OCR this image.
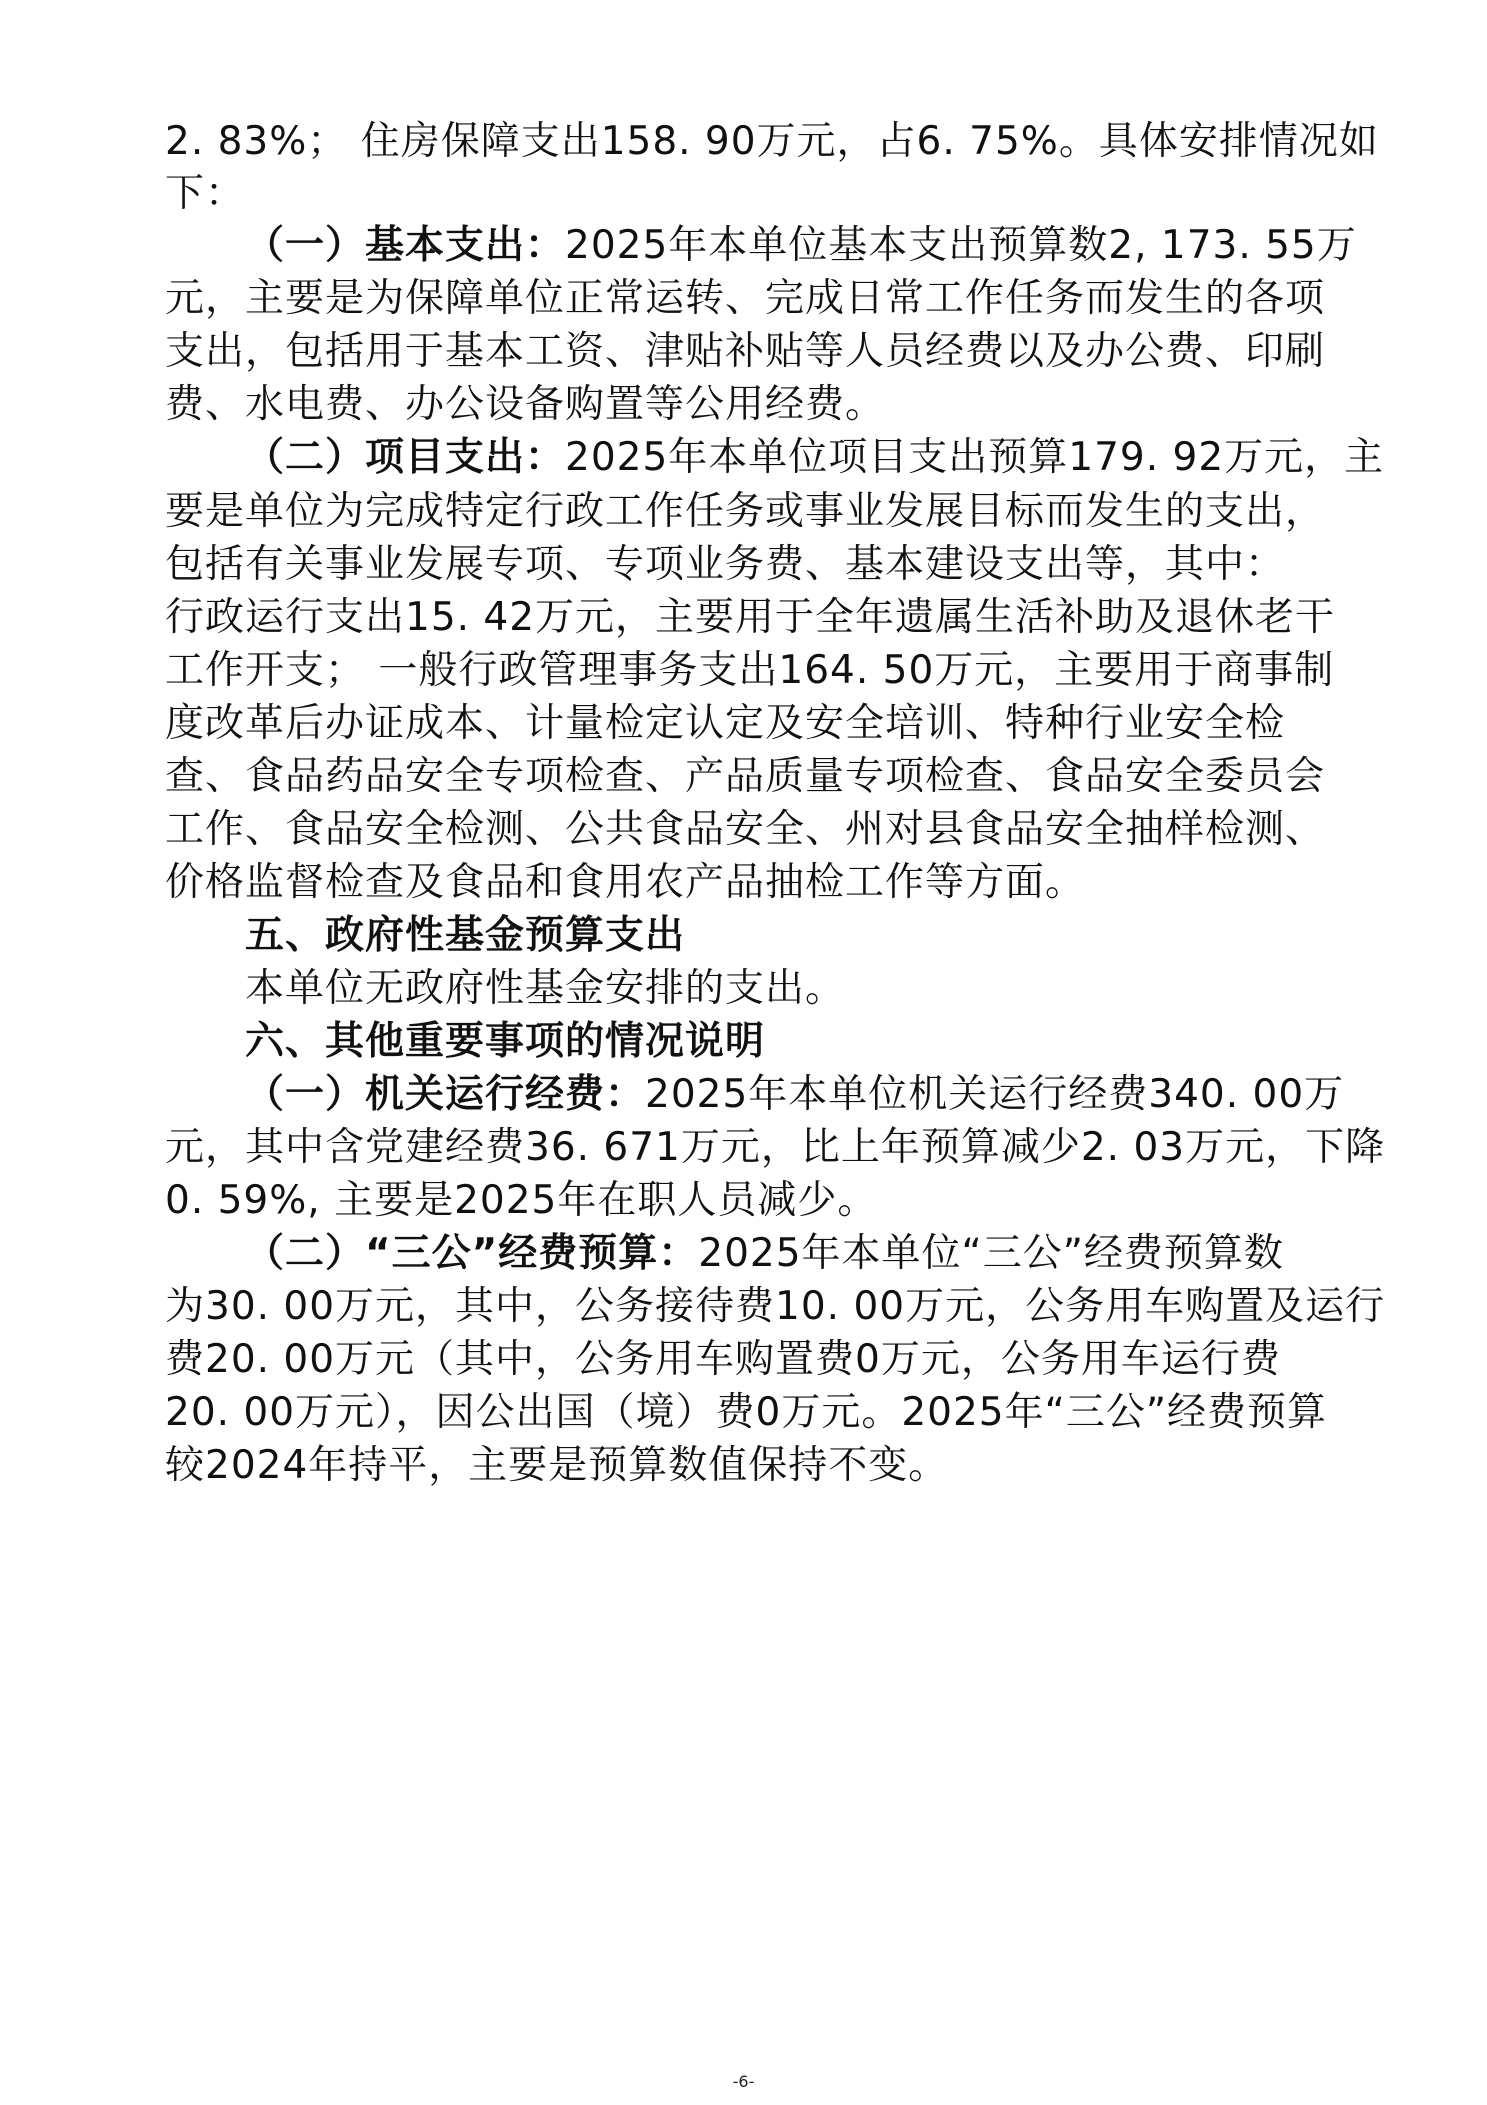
2. 83%； 住房保障支出158. 90万元，占6. 75%。具体安排情况如
下：
（一）基本支出：2025年本单位基本支出预算数2, 173. 55万
元，主要是为保障单位正常运转、完成日常工作任务而发生的各项
支出，包括用于基本工资、津贴补贴等人员经费以及办公费、印刷
费、水电费、办公设备购置等公用经费。
（二）项目支出：2025年本单位项目支出预算179. 92万元，主
要是单位为完成特定行政工作任务或事业发展目标而发生的支出，
包括有关事业发展专项、专项业务费、基本建设支出等，其中：
行政运行支出15. 42万元，主要用于全年遗属生活补助及退休老干
工作开支； 一般行政管理事务支出164. 50万元，主要用于商事制
度改革后办证成本、计量检定认定及安全培训、特种行业安全检
查、食品药品安全专项检查、产品质量专项检查、食品安全委员会
工作、食品安全检测、公共食品安全、州对县食品安全抽样检测、
价格监督检查及食品和食用农产品抽检工作等方面。
五、政府性基金预算支出
本单位无政府性基金安排的支出。
六、其他重要事项的情况说明
（一）机关运行经费：2025年本单位机关运行经费340. 00万
元，其中含党建经费36. 671万元，比上年预算减少2. 03万元，下降
0. 59%, 主要是2025年在职人员减少。
（二）“三公”经费预算：2025年本单位“三公”经费预算数
为30. 00万元，其中，公务接待费10. 00万元，公务用车购置及运行
费20. 00万元（其中，公务用车购置费0万元，公务用车运行费
20. 00万元），因公出国（境）费0万元。2025年“三公”经费预算
较2024年持平，主要是预算数值保持不变。
-6-
